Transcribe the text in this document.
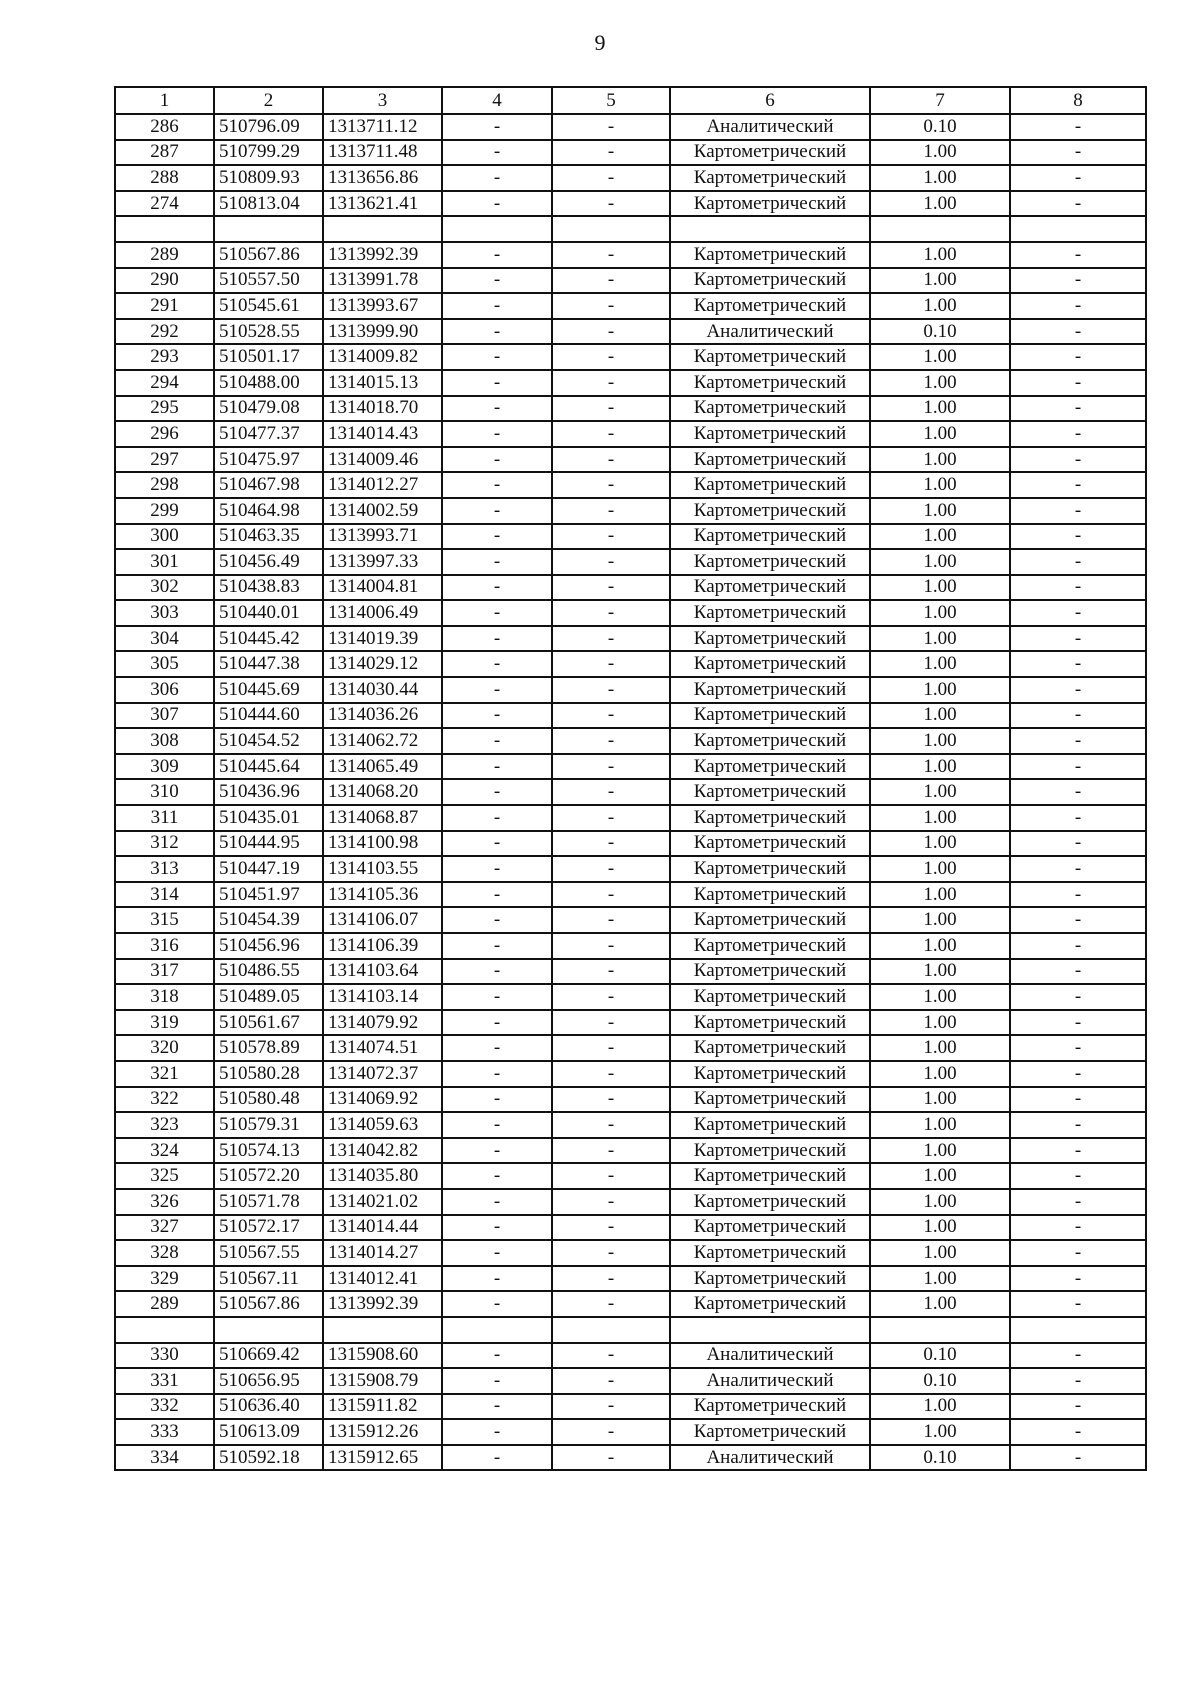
9
1	2	3	4	5	6	7	8
286	510796.09	1313711.12	-	-	Аналитический	0.10	-
287	510799.29	1313711.48	-	-	Картометрический	1.00	-
288	510809.93	1313656.86	-	-	Картометрический	1.00	-
274	510813.04	1313621.41	-	-	Картометрический	1.00	-

289	510567.86	1313992.39	-	-	Картометрический	1.00	-
290	510557.50	1313991.78	-	-	Картометрический	1.00	-
291	510545.61	1313993.67	-	-	Картометрический	1.00	-
292	510528.55	1313999.90	-	-	Аналитический	0.10	-
293	510501.17	1314009.82	-	-	Картометрический	1.00	-
294	510488.00	1314015.13	-	-	Картометрический	1.00	-
295	510479.08	1314018.70	-	-	Картометрический	1.00	-
296	510477.37	1314014.43	-	-	Картометрический	1.00	-
297	510475.97	1314009.46	-	-	Картометрический	1.00	-
298	510467.98	1314012.27	-	-	Картометрический	1.00	-
299	510464.98	1314002.59	-	-	Картометрический	1.00	-
300	510463.35	1313993.71	-	-	Картометрический	1.00	-
301	510456.49	1313997.33	-	-	Картометрический	1.00	-
302	510438.83	1314004.81	-	-	Картометрический	1.00	-
303	510440.01	1314006.49	-	-	Картометрический	1.00	-
304	510445.42	1314019.39	-	-	Картометрический	1.00	-
305	510447.38	1314029.12	-	-	Картометрический	1.00	-
306	510445.69	1314030.44	-	-	Картометрический	1.00	-
307	510444.60	1314036.26	-	-	Картометрический	1.00	-
308	510454.52	1314062.72	-	-	Картометрический	1.00	-
309	510445.64	1314065.49	-	-	Картометрический	1.00	-
310	510436.96	1314068.20	-	-	Картометрический	1.00	-
311	510435.01	1314068.87	-	-	Картометрический	1.00	-
312	510444.95	1314100.98	-	-	Картометрический	1.00	-
313	510447.19	1314103.55	-	-	Картометрический	1.00	-
314	510451.97	1314105.36	-	-	Картометрический	1.00	-
315	510454.39	1314106.07	-	-	Картометрический	1.00	-
316	510456.96	1314106.39	-	-	Картометрический	1.00	-
317	510486.55	1314103.64	-	-	Картометрический	1.00	-
318	510489.05	1314103.14	-	-	Картометрический	1.00	-
319	510561.67	1314079.92	-	-	Картометрический	1.00	-
320	510578.89	1314074.51	-	-	Картометрический	1.00	-
321	510580.28	1314072.37	-	-	Картометрический	1.00	-
322	510580.48	1314069.92	-	-	Картометрический	1.00	-
323	510579.31	1314059.63	-	-	Картометрический	1.00	-
324	510574.13	1314042.82	-	-	Картометрический	1.00	-
325	510572.20	1314035.80	-	-	Картометрический	1.00	-
326	510571.78	1314021.02	-	-	Картометрический	1.00	-
327	510572.17	1314014.44	-	-	Картометрический	1.00	-
328	510567.55	1314014.27	-	-	Картометрический	1.00	-
329	510567.11	1314012.41	-	-	Картометрический	1.00	-
289	510567.86	1313992.39	-	-	Картометрический	1.00	-

330	510669.42	1315908.60	-	-	Аналитический	0.10	-
331	510656.95	1315908.79	-	-	Аналитический	0.10	-
332	510636.40	1315911.82	-	-	Картометрический	1.00	-
333	510613.09	1315912.26	-	-	Картометрический	1.00	-
334	510592.18	1315912.65	-	-	Аналитический	0.10	-
